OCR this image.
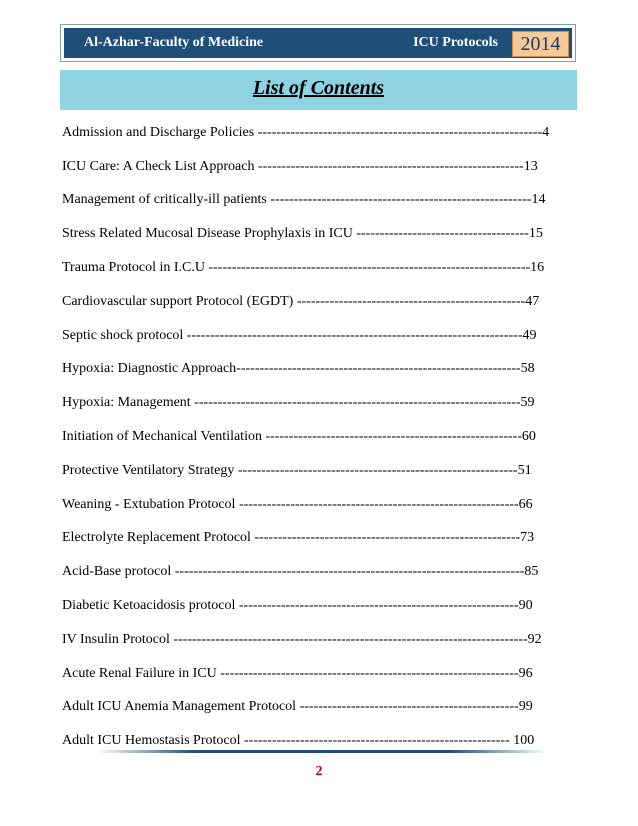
Al-Azhar-Faculty of Medicine	ICU Protocols	2014
List of Contents
Admission and Discharge Policies -------------------------------------------------------------4
ICU Care: A Check List Approach ---------------------------------------------------------13
Management of critically-ill patients --------------------------------------------------------14
Stress Related Mucosal Disease Prophylaxis in ICU -------------------------------------15
Trauma Protocol in I.C.U ---------------------------------------------------------------------16
Cardiovascular support Protocol (EGDT) -------------------------------------------------47
Septic shock protocol ------------------------------------------------------------------------49
Hypoxia: Diagnostic Approach-------------------------------------------------------------58
Hypoxia: Management ----------------------------------------------------------------------59
Initiation of Mechanical Ventilation -------------------------------------------------------60
Protective Ventilatory Strategy ------------------------------------------------------------51
Weaning - Extubation Protocol ------------------------------------------------------------66
Electrolyte Replacement Protocol ---------------------------------------------------------73
Acid-Base protocol ---------------------------------------------------------------------------85
Diabetic Ketoacidosis protocol ------------------------------------------------------------90
IV Insulin Protocol ----------------------------------------------------------------------------92
Acute Renal Failure in ICU ----------------------------------------------------------------96
Adult ICU Anemia Management Protocol -----------------------------------------------99
Adult ICU Hemostasis Protocol --------------------------------------------------------- 100
2
